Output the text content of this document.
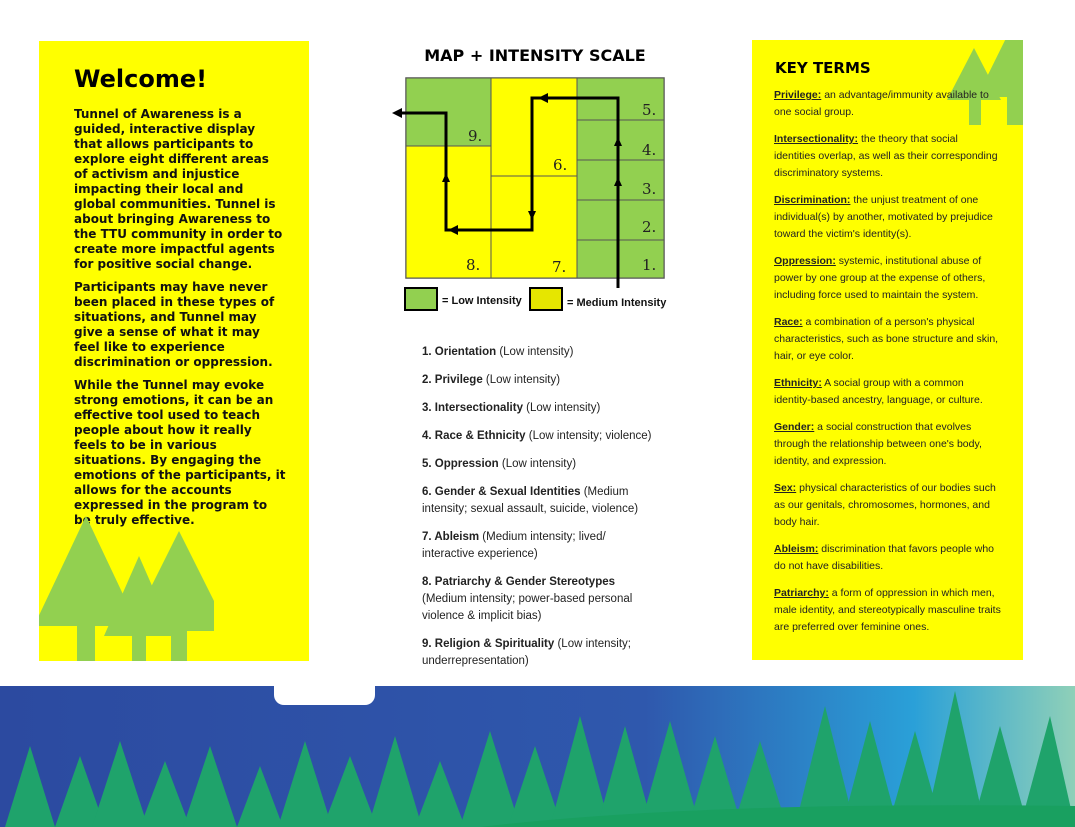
Welcome!

Tunnel of Awareness is a guided, interactive display that allows participants to explore eight different areas of activism and injustice impacting their local and global communities. Tunnel is about bringing Awareness to the TTU community in order to create more impactful agents for positive social change.

Participants may have never been placed in these types of situations, and Tunnel may give a sense of what it may feel like to experience discrimination or oppression.

While the Tunnel may evoke strong emotions, it can be an effective tool used to teach people about how it really feels to be in various situations. By engaging the emotions of the participants, it allows for the accounts expressed in the program to be truly effective.

MAP + INTENSITY SCALE
1.
2.
3.
4.
5.
6.
7.
8.
9.
= Low Intensity	= Medium Intensity
1. Orientation (Low intensity)
2. Privilege (Low intensity)
3. Intersectionality (Low intensity)
4. Race & Ethnicity (Low intensity; violence)
5. Oppression (Low intensity)
6. Gender & Sexual Identities (Medium intensity; sexual assault, suicide, violence)
7. Ableism (Medium intensity; lived/ interactive experience)
8. Patriarchy & Gender Stereotypes (Medium intensity; power-based personal violence & implicit bias)
9. Religion & Spirituality (Low intensity; underrepresentation)
KEY TERMS
Privilege: an advantage/immunity available to one social group.
Intersectionality: the theory that social identities overlap, as well as their corresponding discriminatory systems.
Discrimination: the unjust treatment of one individual(s) by another, motivated by prejudice toward the victim's identity(s).
Oppression: systemic, institutional abuse of power by one group at the expense of others, including force used to maintain the system.
Race: a combination of a person's physical characteristics, such as bone structure and skin, hair, or eye color.
Ethnicity: A social group with a common identity-based ancestry, language, or culture.
Gender: a social construction that evolves through the relationship between one's body, identity, and expression.
Sex: physical characteristics of our bodies such as our genitals, chromosomes, hormones, and body hair.
Ableism: discrimination that favors people who do not have disabilities.
Patriarchy: a form of oppression in which men, male identity, and stereotypically masculine traits are preferred over feminine ones.
